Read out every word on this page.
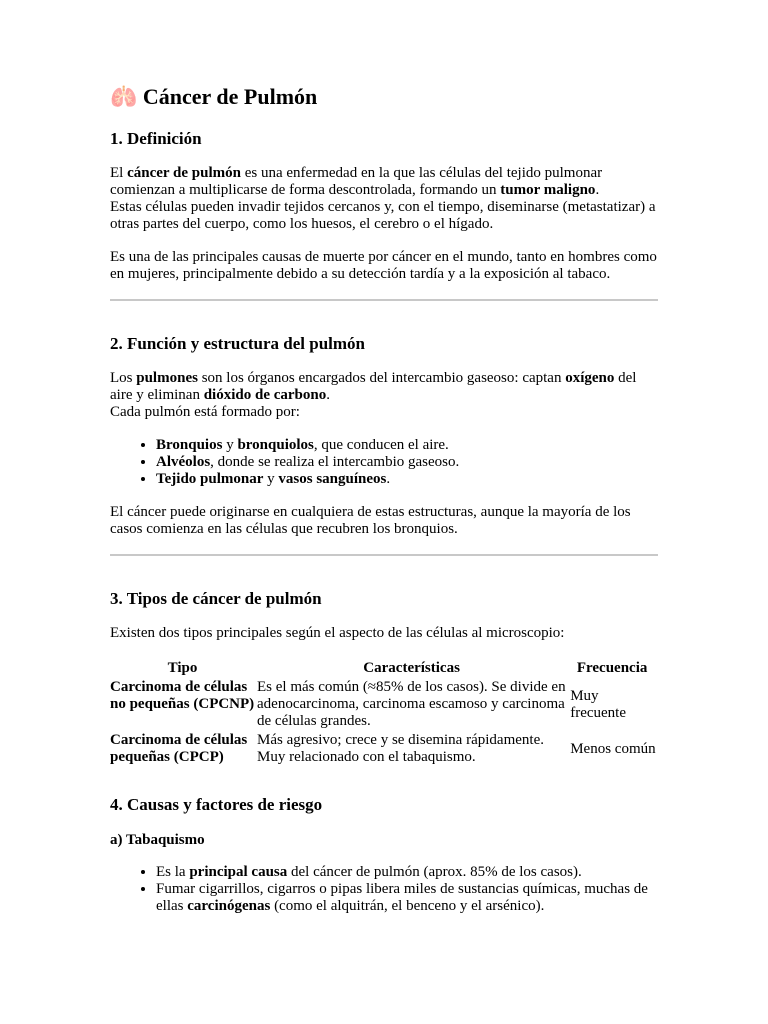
🫁 Cáncer de Pulmón
1. Definición

El cáncer de pulmón es una enfermedad en la que las células del tejido pulmonar comienzan a multiplicarse de forma descontrolada, formando un tumor maligno.
Estas células pueden invadir tejidos cercanos y, con el tiempo, diseminarse (metastatizar) a otras partes del cuerpo, como los huesos, el cerebro o el hígado.

Es una de las principales causas de muerte por cáncer en el mundo, tanto en hombres como en mujeres, principalmente debido a su detección tardía y a la exposición al tabaco.

2. Función y estructura del pulmón

Los pulmones son los órganos encargados del intercambio gaseoso: captan oxígeno del aire y eliminan dióxido de carbono.
Cada pulmón está formado por:

• Bronquios y bronquiolos, que conducen el aire.
• Alvéolos, donde se realiza el intercambio gaseoso.
• Tejido pulmonar y vasos sanguíneos.

El cáncer puede originarse en cualquiera de estas estructuras, aunque la mayoría de los casos comienza en las células que recubren los bronquios.

3. Tipos de cáncer de pulmón

Existen dos tipos principales según el aspecto de las células al microscopio:

Tipo	Características	Frecuencia
Carcinoma de células no pequeñas (CPCNP)	Es el más común (≈85% de los casos). Se divide en adenocarcinoma, carcinoma escamoso y carcinoma de células grandes.	Muy frecuente
Carcinoma de células pequeñas (CPCP)	Más agresivo; crece y se disemina rápidamente. Muy relacionado con el tabaquismo.	Menos común
4. Causas y factores de riesgo
a) Tabaquismo
• Es la principal causa del cáncer de pulmón (aprox. 85% de los casos).
• Fumar cigarrillos, cigarros o pipas libera miles de sustancias químicas, muchas de ellas carcinógenas (como el alquitrán, el benceno y el arsénico).
